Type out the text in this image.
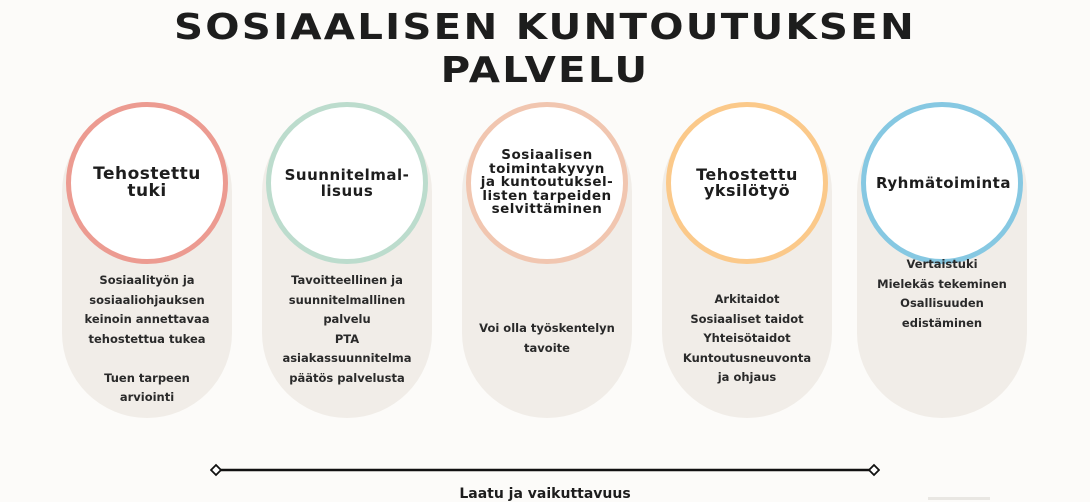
SOSIAALISEN KUNTOUTUKSEN
PALVELU
Tehostettu
tuki
Sosiaalityön ja
sosiaaliohjauksen
keinoin annettavaa
tehostettua tukea

Tuen tarpeen
arviointi
Suunnitelmal-
lisuus
Tavoitteellinen ja
suunnitelmallinen
palvelu
PTA
asiakassuunnitelma
päätös palvelusta
Sosiaalisen
toimintakyvyn
ja kuntoutuksel-
listen tarpeiden
selvittäminen
Voi olla työskentelyn
tavoite
Tehostettu
yksilötyö
Arkitaidot
Sosiaaliset taidot
Yhteisötaidot
Kuntoutusneuvonta
ja ohjaus
Ryhmätoiminta
Vertaistuki
Mielekäs tekeminen
Osallisuuden
edistäminen
Laatu ja vaikuttavuus
